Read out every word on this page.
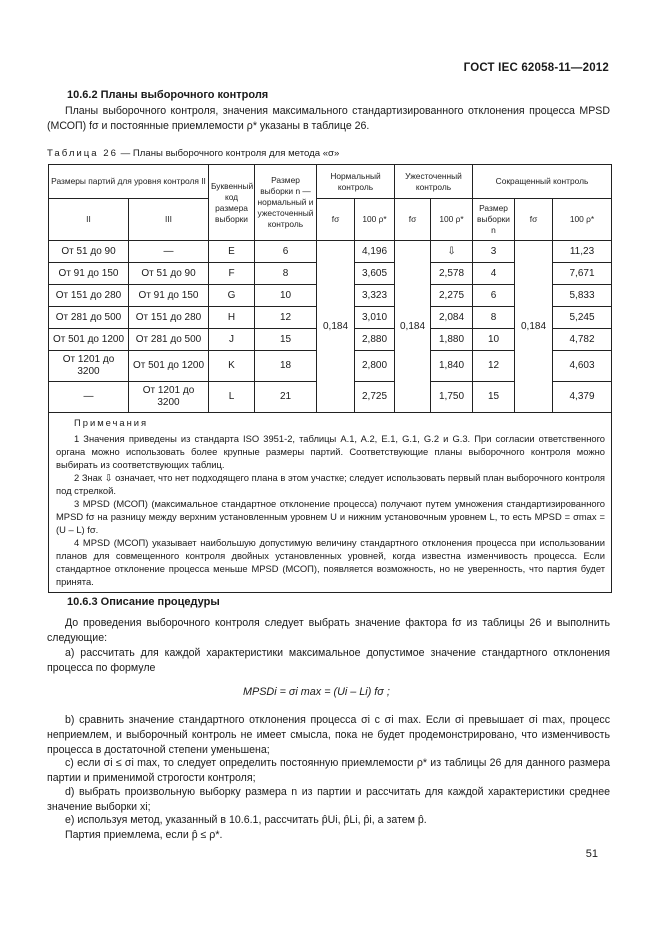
ГОСТ IEC 62058-11—2012
10.6.2 Планы выборочного контроля
Планы выборочного контроля, значения максимального стандартизированного отклонения процесса MPSD (МСОП) fσ и постоянные приемлемости ρ* указаны в таблице 26.
Таблица 26 — Планы выборочного контроля для метода «σ»
Размеры партий для уровня контроля II		Буквенный код размера выборки	Размер выборки n — нормальный и ужесточенный контроль	Нормальный контроль		Ужесточенный контроль		Сокращенный контроль		
II	III			fσ	100 ρ*	fσ	100 ρ*	Размер выборки n	fσ	100 ρ*
От 51 до 90	—	E	6	0,184	4,196	0,184	⇩	3	0,184	11,23
От 91 до 150	От 51 до 90	F	8		3,605		2,578	4		7,671
От 151 до 280	От 91 до 150	G	10		3,323		2,275	6		5,833
От 281 до 500	От 151 до 280	H	12		3,010		2,084	8		5,245
От 501 до 1200	От 281 до 500	J	15		2,880		1,880	10		4,782
От 1201 до 3200	От 501 до 1200	K	18		2,800		1,840	12		4,603
—	От 1201 до 3200	L	21		2,725		1,750	15		4,379

Примечания
1 Значения приведены из стандарта ISO 3951-2, таблицы A.1, A.2, E.1, G.1, G.2 и G.3. При согласии ответственного органа можно использовать более крупные размеры партий. Соответствующие планы выборочного контроля можно выбирать из соответствующих таблиц.
2 Знак ⇩ означает, что нет подходящего плана в этом участке; следует использовать первый план выборочного контроля под стрелкой.
3 MPSD (МСОП) (максимальное стандартное отклонение процесса) получают путем умножения стандартизированного MPSD fσ на разницу между верхним установленным уровнем U и нижним установочным уровнем L, то есть MPSD = σmax = (U – L) fσ.
4 MPSD (МСОП) указывает наибольшую допустимую величину стандартного отклонения процесса при использовании планов для совмещенного контроля двойных установленных уровней, когда известна изменчивость процесса. Если стандартное отклонение процесса меньше MPSD (МСОП), появляется возможность, но не уверенность, что партия будет принята.										
10.6.3 Описание процедуры
До проведения выборочного контроля следует выбрать значение фактора fσ из таблицы 26 и выполнить следующие:
a) рассчитать для каждой характеристики максимальное допустимое значение стандартного отклонения процесса по формуле
MPSDi = σi max = (Ui – Li) fσ ;
b) сравнить значение стандартного отклонения процесса σi с σi max. Если σi превышает σi max, процесс неприемлем, и выборочный контроль не имеет смысла, пока не будет продемонстрировано, что изменчивость процесса в достаточной степени уменьшена;
c) если σi ≤ σi max, то следует определить постоянную приемлемости ρ* из таблицы 26 для данного размера партии и применимой строгости контроля;
d) выбрать произвольную выборку размера n из партии и рассчитать для каждой характеристики среднее значение выборки xi;
e) используя метод, указанный в 10.6.1, рассчитать p̂Ui, p̂Li, p̂i, а затем p̂.
Партия приемлема, если p̂ ≤ ρ*.
51
